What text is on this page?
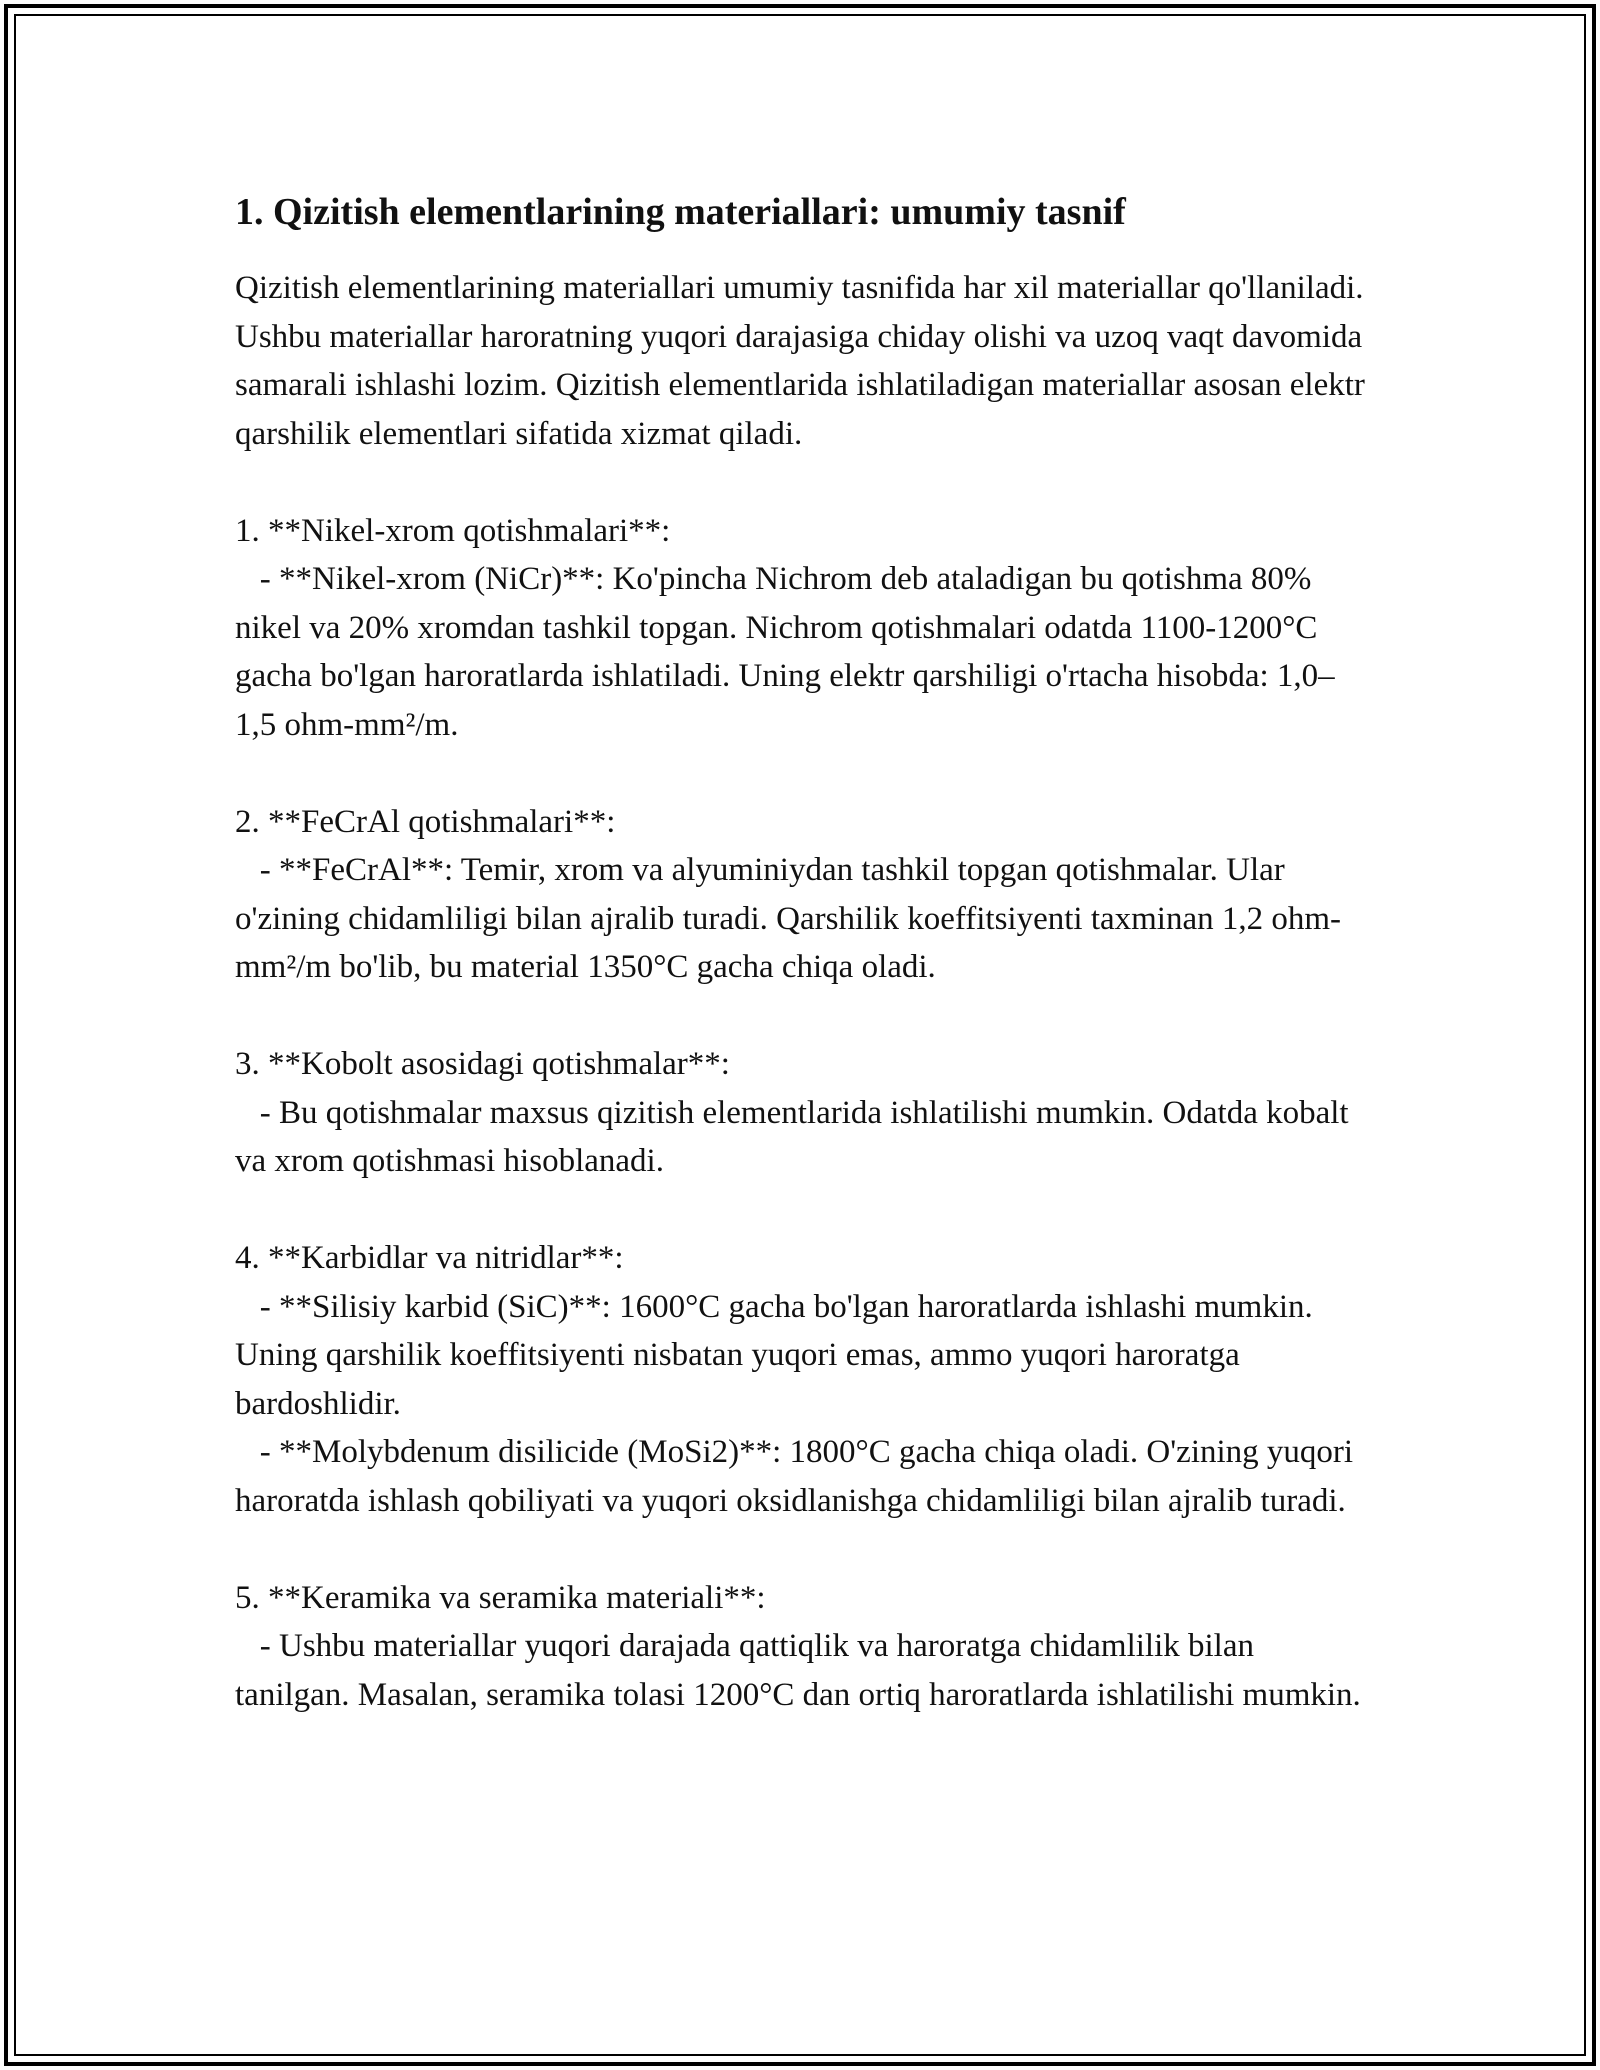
1. Qizitish elementlarining materiallari: umumiy tasnif

Qizitish elementlarining materiallari umumiy tasnifida har xil materiallar qo'llaniladi. Ushbu materiallar haroratning yuqori darajasiga chiday olishi va uzoq vaqt davomida samarali ishlashi lozim. Qizitish elementlarida ishlatiladigan materiallar asosan elektr qarshilik elementlari sifatida xizmat qiladi.

1. **Nikel-xrom qotishmalari**:

- **Nikel-xrom (NiCr)**: Ko'pincha Nichrom deb ataladigan bu qotishma 80% nikel va 20% xromdan tashkil topgan. Nichrom qotishmalari odatda 1100-1200°C gacha bo'lgan haroratlarda ishlatiladi. Uning elektr qarshiligi o'rtacha hisobda: 1,0–1,5 ohm-mm²/m.

2. **FeCrAl qotishmalari**:

- **FeCrAl**: Temir, xrom va alyuminiydan tashkil topgan qotishmalar. Ular o'zining chidamliligi bilan ajralib turadi. Qarshilik koeffitsiyenti taxminan 1,2 ohm-mm²/m bo'lib, bu material 1350°C gacha chiqa oladi.

3. **Kobolt asosidagi qotishmalar**:

- Bu qotishmalar maxsus qizitish elementlarida ishlatilishi mumkin. Odatda kobalt va xrom qotishmasi hisoblanadi.

4. **Karbidlar va nitridlar**:

- **Silisiy karbid (SiC)**: 1600°C gacha bo'lgan haroratlarda ishlashi mumkin. Uning qarshilik koeffitsiyenti nisbatan yuqori emas, ammo yuqori haroratga bardoshlidir.

- **Molybdenum disilicide (MoSi2)**: 1800°C gacha chiqa oladi. O'zining yuqori haroratda ishlash qobiliyati va yuqori oksidlanishga chidamliligi bilan ajralib turadi.

5. **Keramika va seramika materiali**:

- Ushbu materiallar yuqori darajada qattiqlik va haroratga chidamlilik bilan tanilgan. Masalan, seramika tolasi 1200°C dan ortiq haroratlarda ishlatilishi mumkin.
